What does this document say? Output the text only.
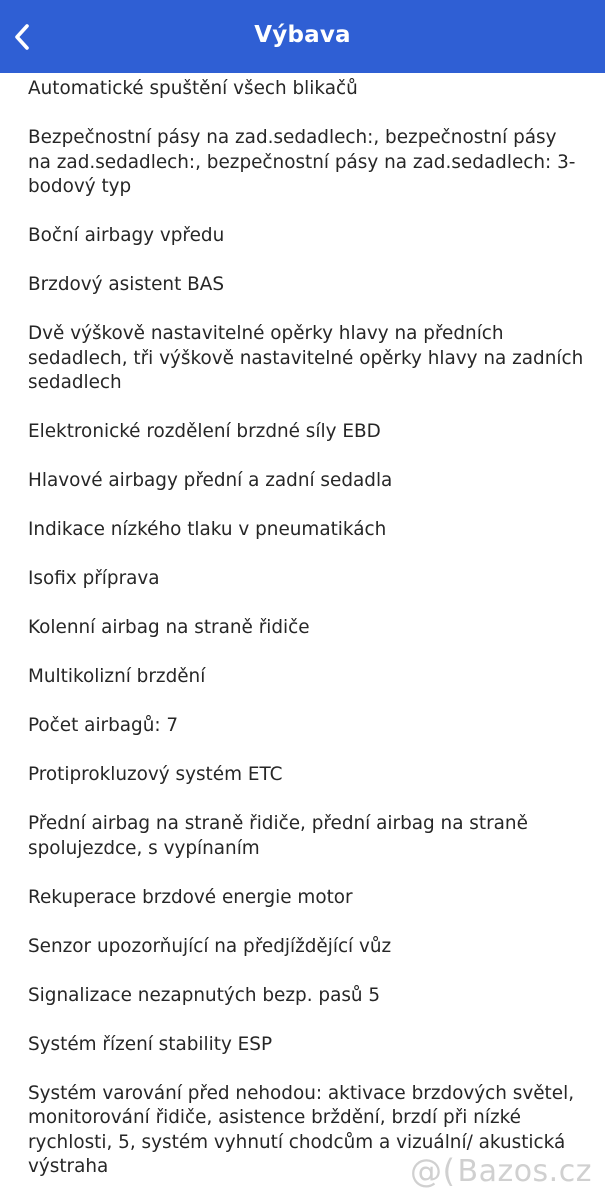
Výbava
Automatické spuštění všech blikačů
Bezpečnostní pásy na zad.sedadlech:, bezpečnostní pásy na zad.sedadlech:, bezpečnostní pásy na zad.sedadlech: 3-bodový typ
Boční airbagy vpředu
Brzdový asistent BAS
Dvě výškově nastavitelné opěrky hlavy na předních sedadlech, tři výškově nastavitelné opěrky hlavy na zadních sedadlech
Elektronické rozdělení brzdné síly EBD
Hlavové airbagy přední a zadní sedadla
Indikace nízkého tlaku v pneumatikách
Isofix příprava
Kolenní airbag na straně řidiče
Multikolizní brzdění
Počet airbagů: 7
Protiprokluzový systém ETC
Přední airbag na straně řidiče, přední airbag na straně spolujezdce, s vypínaním
Rekuperace brzdové energie motor
Senzor upozorňující na předjíždějící vůz
Signalizace nezapnutých bezp. pasů 5
Systém řízení stability ESP
Systém varování před nehodou: aktivace brzdových světel, monitorování řidiče, asistence brždění, brzdí při nízké rychlosti, 5, systém vyhnutí chodcům a vizuální/ akustická výstraha	@( Bazos.cz
